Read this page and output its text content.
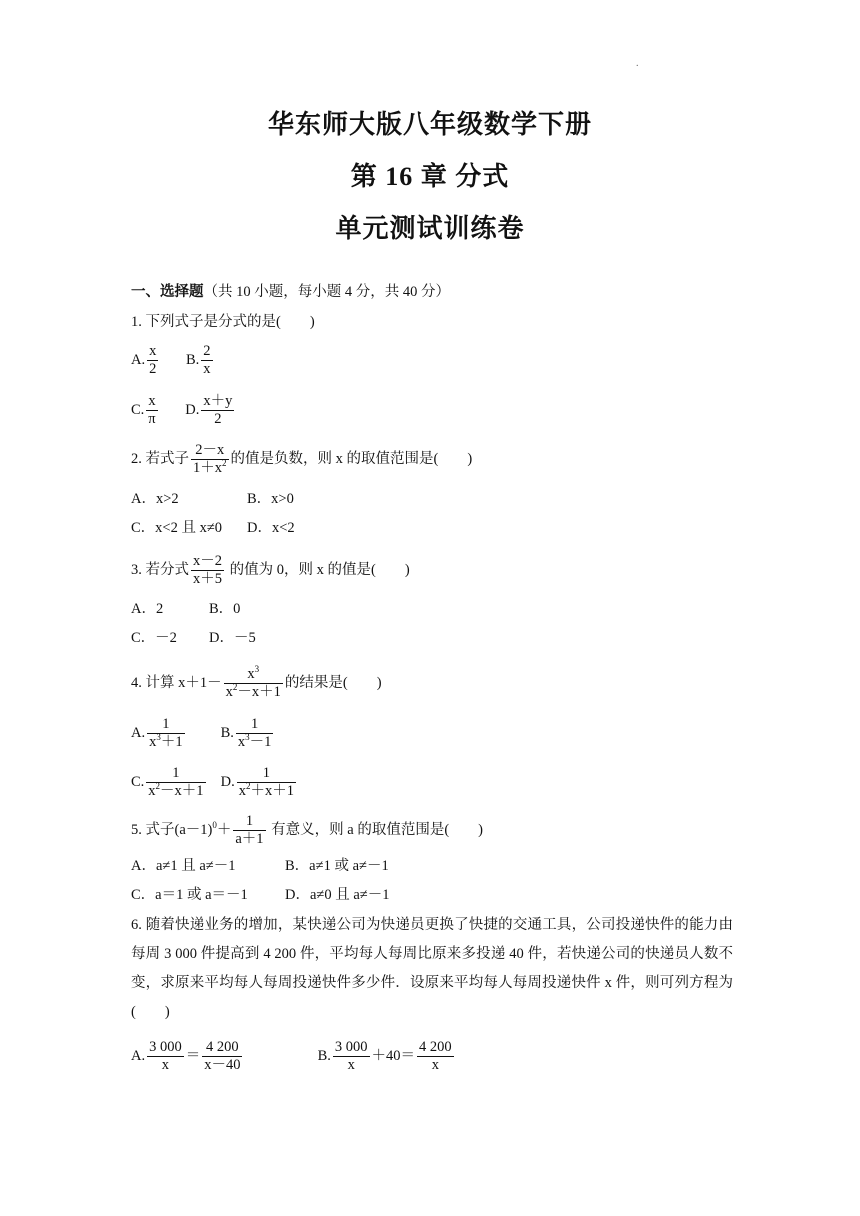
.
华东师大版八年级数学下册
第 16 章 分式
单元测试训练卷
一、选择题（共 10 小题，每小题 4 分，共 40 分）
1. 下列式子是分式的是(　　)
A. $\frac{x}{2} B$. $\frac{2}{x}$
C. $\frac{x}{\pi} D$. $\frac{x+y}{2}$
2. 若式子 $\frac{2-x}{1+x^2}$ 的值是负数，则 x 的取值范围是(　　)
A．x>2	B．x>0
C．x<2 且 x≠0 D．x<2
3. 若分式 $\frac{x-2}{x+5}$ 的值为 0，则 x 的值是(　　)
A．2	B．0
C．－2 D．－5
4. 计算 $x+1- \frac{x^3}{x^2-x+1}$ 的结果是(　　)
A. $\frac{1}{x^3+1} B$. $\frac{1}{x^3-1}$
C. $\frac{1}{x^2-x+1} D$. $\frac{1}{x^2+x+1}$
5. 式子$(a-1)^0+ \frac{1}{a+1}$ 有意义，则 a 的取值范围是(　　)
A．a≠1 且 a≠－1	B．a≠1 或 a≠－1
C．a＝1 或 a＝－1	D．a≠0 且 a≠－1
6. 随着快递业务的增加，某快递公司为快递员更换了快捷的交通工具，公司投递快件的能力由每周 3 000 件提高到 4 200 件，平均每人每周比原来多投递 40 件，若快递公司的快递员人数不变，求原来平均每人每周投递快件多少件．设原来平均每人每周投递快件 x 件，则可列方程为(　　)
A. $\frac{3 000}{x} = \frac{4 200}{x-40}$	B. $\frac{3 000}{x} +40= \frac{4 200}{x}$
